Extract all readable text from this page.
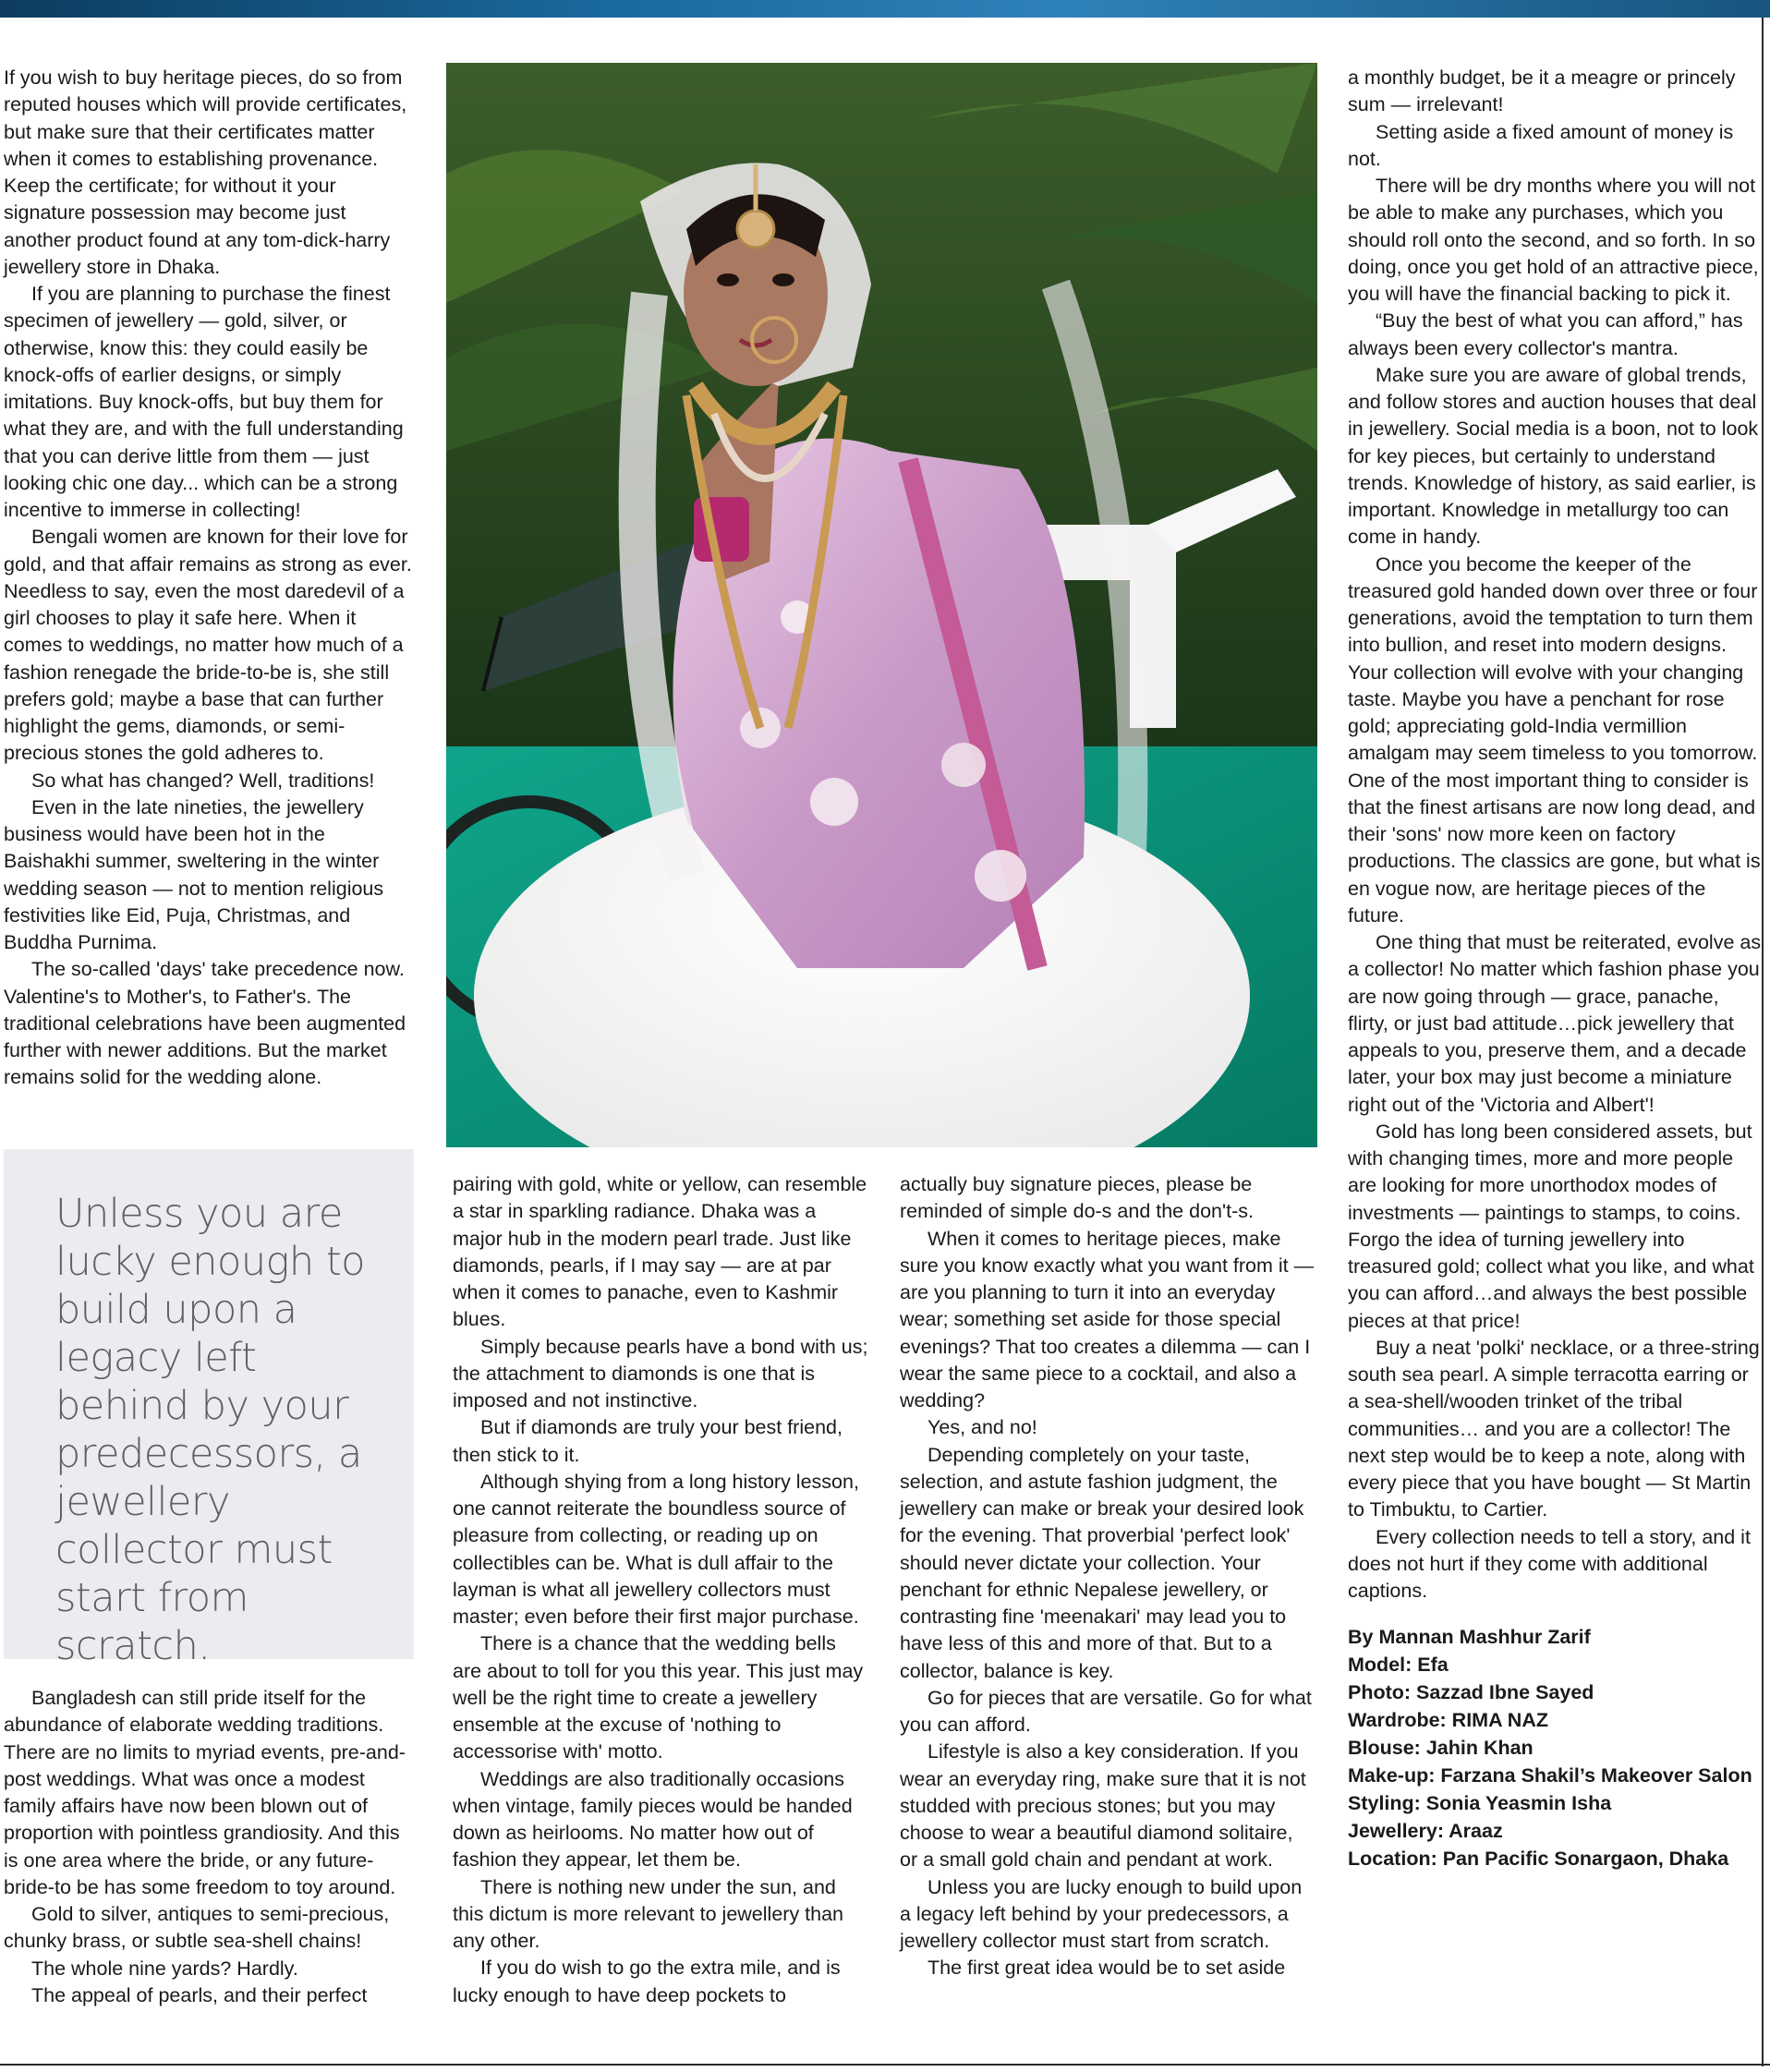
If you wish to buy heritage pieces, do so from reputed houses which will provide certificates, but make sure that their certificates matter when it comes to establishing provenance. Keep the certificate; for without it your signature possession may become just another product found at any tom-dick-harry jewellery store in Dhaka.

If you are planning to purchase the finest specimen of jewellery — gold, silver, or otherwise, know this: they could easily be knock-offs of earlier designs, or simply imitations. Buy knock-offs, but buy them for what they are, and with the full understanding that you can derive little from them — just looking chic one day... which can be a strong incentive to immerse in collecting!

Bengali women are known for their love for gold, and that affair remains as strong as ever. Needless to say, even the most daredevil of a girl chooses to play it safe here. When it comes to weddings, no matter how much of a fashion renegade the bride-to-be is, she still prefers gold; maybe a base that can further highlight the gems, diamonds, or semi-precious stones the gold adheres to.

So what has changed? Well, traditions!

Even in the late nineties, the jewellery business would have been hot in the Baishakhi summer, sweltering in the winter wedding season — not to mention religious festivities like Eid, Puja, Christmas, and Buddha Purnima.

The so-called 'days' take precedence now. Valentine's to Mother's, to Father's. The traditional celebrations have been augmented further with newer additions. But the market remains solid for the wedding alone.

Unless you are lucky enough to build upon a legacy left behind by your predecessors, a jewellery collector must start from scratch.

Bangladesh can still pride itself for the abundance of elaborate wedding traditions. There are no limits to myriad events, pre-and-post weddings. What was once a modest family affairs have now been blown out of proportion with pointless grandiosity. And this is one area where the bride, or any future-bride-to be has some freedom to toy around.

Gold to silver, antiques to semi-precious, chunky brass, or subtle sea-shell chains!

The whole nine yards? Hardly.

The appeal of pearls, and their perfect

pairing with gold, white or yellow, can resemble a star in sparkling radiance. Dhaka was a major hub in the modern pearl trade. Just like diamonds, pearls, if I may say — are at par when it comes to panache, even to Kashmir blues.

Simply because pearls have a bond with us; the attachment to diamonds is one that is imposed and not instinctive.

But if diamonds are truly your best friend, then stick to it.

Although shying from a long history lesson, one cannot reiterate the boundless source of pleasure from collecting, or reading up on collectibles can be. What is dull affair to the layman is what all jewellery collectors must master; even before their first major purchase.

There is a chance that the wedding bells are about to toll for you this year. This just may well be the right time to create a jewellery ensemble at the excuse of 'nothing to accessorise with' motto.

Weddings are also traditionally occasions when vintage, family pieces would be handed down as heirlooms. No matter how out of fashion they appear, let them be.

There is nothing new under the sun, and this dictum is more relevant to jewellery than any other.

If you do wish to go the extra mile, and is lucky enough to have deep pockets to

actually buy signature pieces, please be reminded of simple do-s and the don't-s.

When it comes to heritage pieces, make sure you know exactly what you want from it — are you planning to turn it into an everyday wear; something set aside for those special evenings? That too creates a dilemma — can I wear the same piece to a cocktail, and also a wedding?

Yes, and no!

Depending completely on your taste, selection, and astute fashion judgment, the jewellery can make or break your desired look for the evening. That proverbial 'perfect look' should never dictate your collection. Your penchant for ethnic Nepalese jewellery, or contrasting fine 'meenakari' may lead you to have less of this and more of that. But to a collector, balance is key.

Go for pieces that are versatile. Go for what you can afford.

Lifestyle is also a key consideration. If you wear an everyday ring, make sure that it is not studded with precious stones; but you may choose to wear a beautiful diamond solitaire, or a small gold chain and pendant at work.

Unless you are lucky enough to build upon a legacy left behind by your predecessors, a jewellery collector must start from scratch.

The first great idea would be to set aside

a monthly budget, be it a meagre or princely sum — irrelevant!

Setting aside a fixed amount of money is not.

There will be dry months where you will not be able to make any purchases, which you should roll onto the second, and so forth. In so doing, once you get hold of an attractive piece, you will have the financial backing to pick it.

“Buy the best of what you can afford,” has always been every collector's mantra.

Make sure you are aware of global trends, and follow stores and auction houses that deal in jewellery. Social media is a boon, not to look for key pieces, but certainly to understand trends. Knowledge of history, as said earlier, is important. Knowledge in metallurgy too can come in handy.

Once you become the keeper of the treasured gold handed down over three or four generations, avoid the temptation to turn them into bullion, and reset into modern designs. Your collection will evolve with your changing taste. Maybe you have a penchant for rose gold; appreciating gold-India vermillion amalgam may seem timeless to you tomorrow. One of the most important thing to consider is that the finest artisans are now long dead, and their 'sons' now more keen on factory productions. The classics are gone, but what is en vogue now, are heritage pieces of the future.

One thing that must be reiterated, evolve as a collector! No matter which fashion phase you are now going through — grace, panache, flirty, or just bad attitude…pick jewellery that appeals to you, preserve them, and a decade later, your box may just become a miniature right out of the 'Victoria and Albert'!

Gold has long been considered assets, but with changing times, more and more people are looking for more unorthodox modes of investments — paintings to stamps, to coins. Forgo the idea of turning jewellery into treasured gold; collect what you like, and what you can afford…and always the best possible pieces at that price!

Buy a neat 'polki' necklace, or a three-string south sea pearl. A simple terracotta earring or a sea-shell/wooden trinket of the tribal communities… and you are a collector! The next step would be to keep a note, along with every piece that you have bought — St Martin to Timbuktu, to Cartier.

Every collection needs to tell a story, and it does not hurt if they come with additional captions.

By Mannan Mashhur Zarif
Model: Efa
Photo: Sazzad Ibne Sayed
Wardrobe: RIMA NAZ
Blouse: Jahin Khan
Make-up: Farzana Shakil’s Makeover Salon
Styling: Sonia Yeasmin Isha
Jewellery: Araaz
Location: Pan Pacific Sonargaon, Dhaka
